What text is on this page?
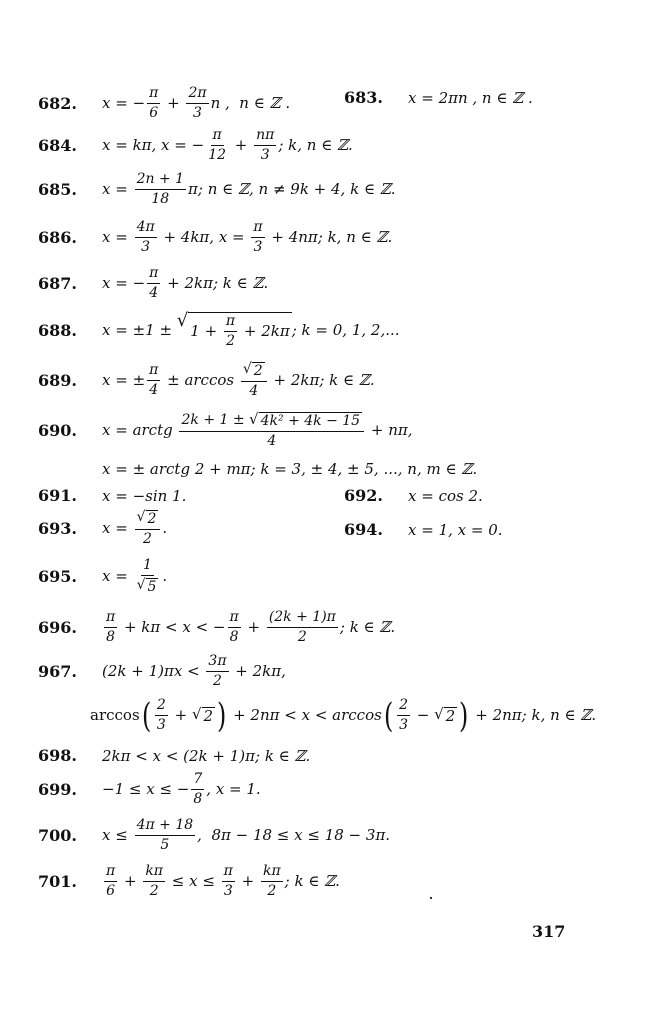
682.	x = − $\frac{\pi}{6} + \frac{2\pi}{3}$ n ,  n ∈ ℤ .	683.	x = 2πn , n ∈ ℤ .
684.	x = kπ, x = − $\frac{\pi}{12} + \frac{n\pi}{3}$ ; k, n ∈ ℤ.
685.	$x = \frac{2n + 1}{18} \pi$; n ∈ ℤ, n ≠ 9k + 4, k ∈ ℤ.
686.	$x = \frac{4\pi}{3} + 4k\pi$, $x = \frac{\pi}{3} + 4n\pi$; k, n ∈ ℤ.
687.	x = − $\frac{\pi}{4} + 2k\pi$; k ∈ ℤ.
688.	x = ±1 ± √
$1 + \frac{\pi}{2} + 2k\pi$ ; k = 0, 1, 2,...
689.	x = ± $\frac{\pi}{4} \pm \arccos \frac{√ 2}{4} + 2k\pi$; k ∈ ℤ.
690.	x = arctg $\frac{\text{2k + 1 ± √ 4k² + 4k − 15}}{4} + n\pi$,
x = ± arctg 2 + mπ; k = 3, ± 4, ± 5, ..., n, m ∈ ℤ.
691.	x = −sin 1.	692.	x = cos 2.
693.	$x = \frac{√ 2}{2}$ .	694.	x = 1, x = 0.
695.	$x = \frac{1}{√ 5}$ .
696.	$\frac{\pi}{8} + k\pi < x$ < − $\frac{\pi}{8} + \frac{(2k + 1)\pi}{2}$ ; k ∈ ℤ.
967.	$(2k + 1)\pi x < \frac{3\pi}{2} + 2k\pi$,
arccos ( $\frac{2}{3}$ + √ 2 ) + 2nπ < x < arccos ( $\frac{2}{3}$ − √ 2 ) + 2nπ; k, n ∈ ℤ.
698.	2kπ < x < (2k + 1)π; k ∈ ℤ.
699.	−1 ≤ x ≤ − $\frac{7}{8}$ , x = 1.
700.	$x \le \frac{4\pi + 18}{5}$ ,  8π − 18 ≤ x ≤ 18 − 3π.
701.	$\frac{\pi}{6} + \frac{k\pi}{2} \le x \le \frac{\pi}{3} + \frac{k\pi}{2}$ ; k ∈ ℤ.
317
